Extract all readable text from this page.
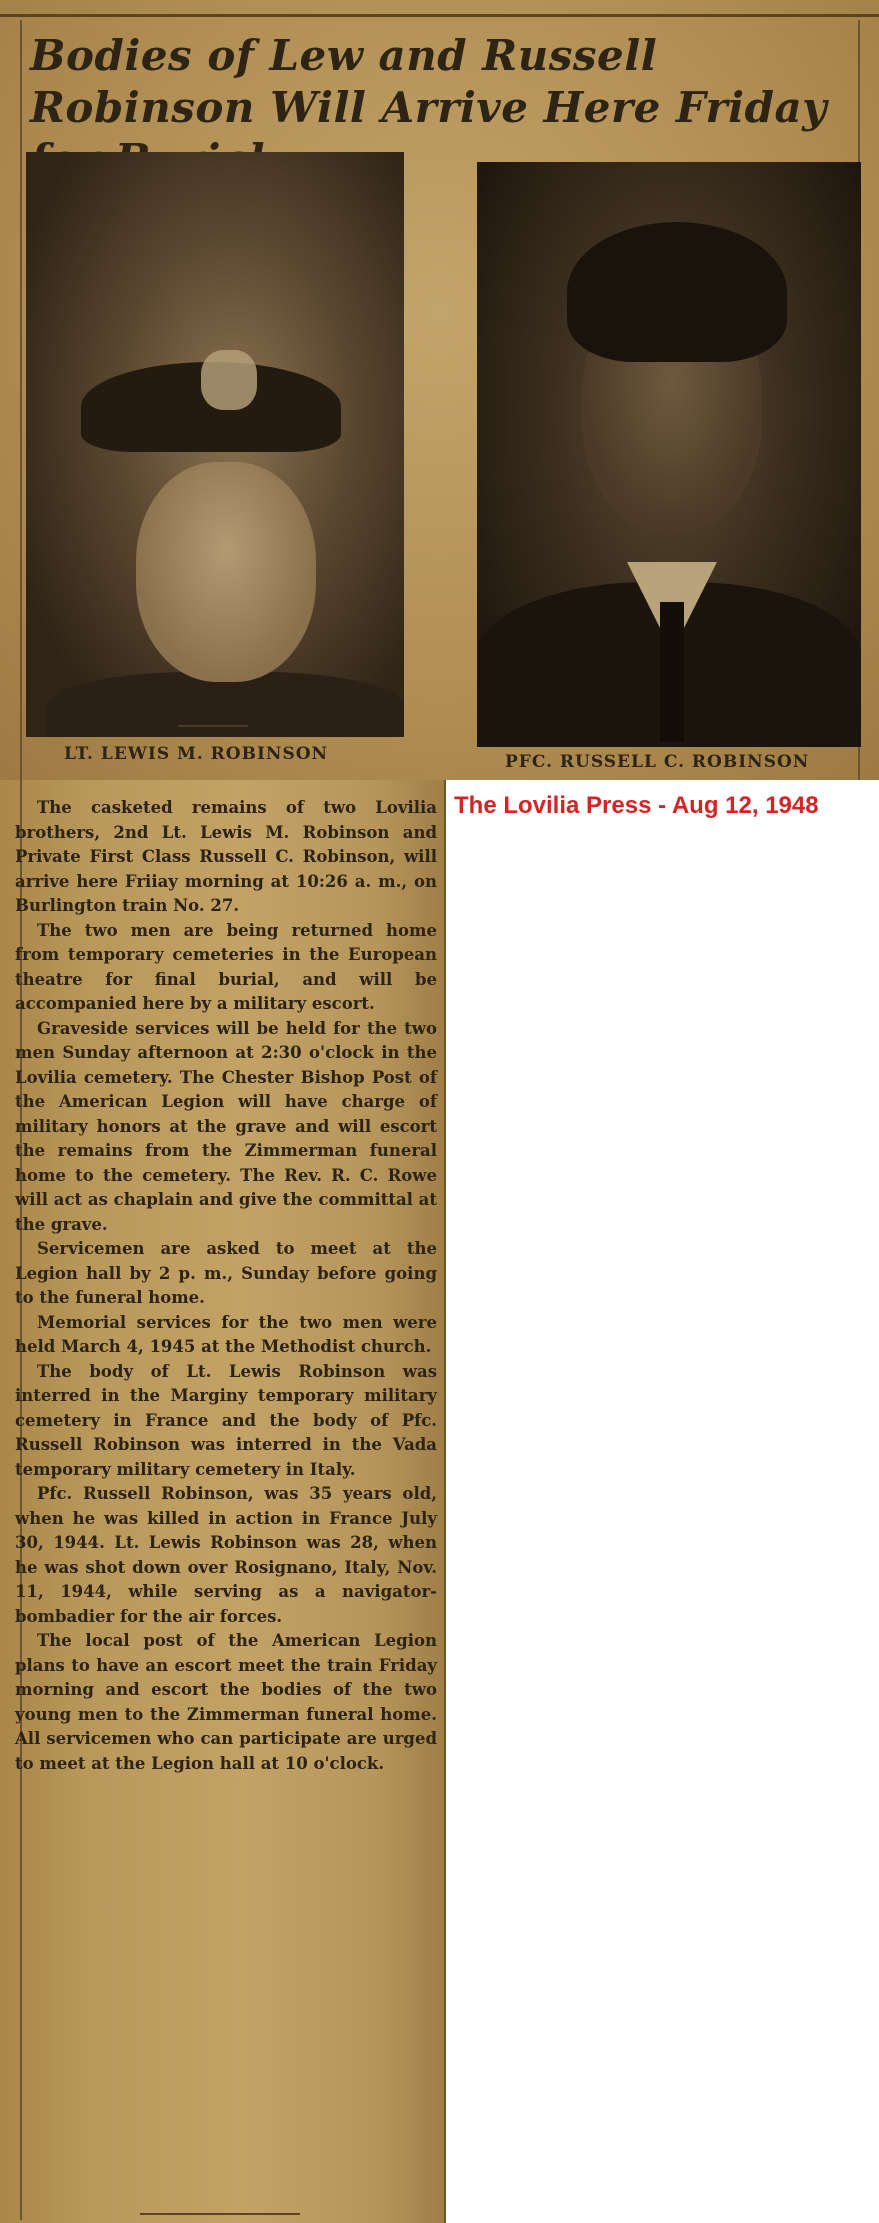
Bodies of Lew and Russell Robinson Will Arrive Here Friday

LT. LEWIS M. ROBINSON	PFC. RUSSELL C. ROBINSON

The Lovilia Press - Aug 12, 1948

The casketed remains of two Lovilia brothers, 2nd Lt. Lewis M. Robinson and Private First Class Russell C. Robinson, will arrive here Friiay morning at 10:26 a. m., on Burlington train No. 27.

The two men are being returned home from temporary cemeteries in the European theatre for final burial, and will be accompanied here by a military escort.

Graveside services will be held for the two men Sunday afternoon at 2:30 o'clock in the Lovilia cemetery. The Chester Bishop Post of the American Legion will have charge of military honors at the grave and will escort the remains from the Zimmerman funeral home to the cemetery. The Rev. R. C. Rowe will act as chaplain and give the committal at the grave.

Servicemen are asked to meet at the Legion hall by 2 p. m., Sunday before going to the funeral home.

Memorial services for the two men were held March 4, 1945 at the Methodist church.

The body of Lt. Lewis Robinson was interred in the Marginy temporary military cemetery in France and the body of Pfc. Russell Robinson was interred in the Vada temporary military cemetery in Italy.

Pfc. Russell Robinson, was 35 years old, when he was killed in action in France July 30, 1944. Lt. Lewis Robinson was 28, when he was shot down over Rosignano, Italy, Nov. 11, 1944, while serving as a navigator-bombadier for the air forces.

The local post of the American Legion plans to have an escort meet the train Friday morning and escort the bodies of the two young men to the Zimmerman funeral home. All servicemen who can participate are urged to meet at the Legion hall at 10 o'clock.
